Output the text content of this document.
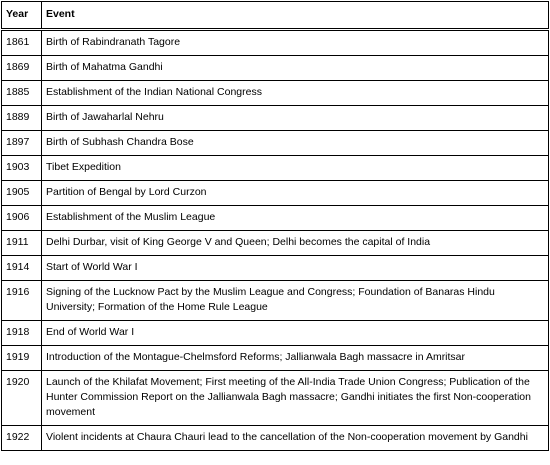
Year	Event
1861	Birth of Rabindranath Tagore
1869	Birth of Mahatma Gandhi
1885	Establishment of the Indian National Congress
1889	Birth of Jawaharlal Nehru
1897	Birth of Subhash Chandra Bose
1903	Tibet Expedition
1905	Partition of Bengal by Lord Curzon
1906	Establishment of the Muslim League
1911	Delhi Durbar, visit of King George V and Queen; Delhi becomes the capital of India
1914	Start of World War I
1916	Signing of the Lucknow Pact by the Muslim League and Congress; Foundation of Banaras Hindu University; Formation of the Home Rule League
1918	End of World War I
1919	Introduction of the Montague-Chelmsford Reforms; Jallianwala Bagh massacre in Amritsar
1920	Launch of the Khilafat Movement; First meeting of the All-India Trade Union Congress; Publication of the Hunter Commission Report on the Jallianwala Bagh massacre; Gandhi initiates the first Non-cooperation movement
1922	Violent incidents at Chaura Chauri lead to the cancellation of the Non-cooperation movement by Gandhi
